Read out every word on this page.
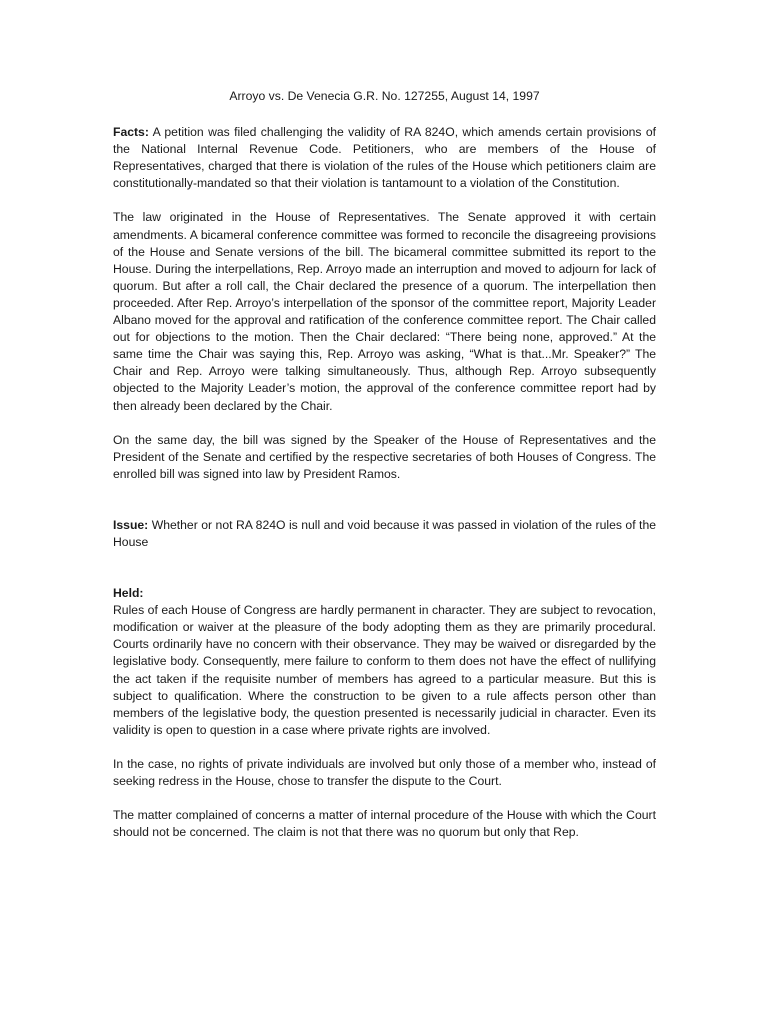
Arroyo vs. De Venecia G.R. No. 127255, August 14, 1997

Facts: A petition was filed challenging the validity of RA 824O, which amends certain provisions of the National Internal Revenue Code. Petitioners, who are members of the House of Representatives, charged that there is violation of the rules of the House which petitioners claim are constitutionally-mandated so that their violation is tantamount to a violation of the Constitution.

The law originated in the House of Representatives. The Senate approved it with certain amendments. A bicameral conference committee was formed to reconcile the disagreeing provisions of the House and Senate versions of the bill. The bicameral committee submitted its report to the House. During the interpellations, Rep. Arroyo made an interruption and moved to adjourn for lack of quorum. But after a roll call, the Chair declared the presence of a quorum. The interpellation then proceeded. After Rep. Arroyo’s interpellation of the sponsor of the committee report, Majority Leader Albano moved for the approval and ratification of the conference committee report. The Chair called out for objections to the motion. Then the Chair declared: “There being none, approved.” At the same time the Chair was saying this, Rep. Arroyo was asking, “What is that...Mr. Speaker?” The Chair and Rep. Arroyo were talking simultaneously. Thus, although Rep. Arroyo subsequently objected to the Majority Leader’s motion, the approval of the conference committee report had by then already been declared by the Chair.

On the same day, the bill was signed by the Speaker of the House of Representatives and the President of the Senate and certified by the respective secretaries of both Houses of Congress. The enrolled bill was signed into law by President Ramos.

Issue: Whether or not RA 824O is null and void because it was passed in violation of the rules of the House

Held:
Rules of each House of Congress are hardly permanent in character. They are subject to revocation, modification or waiver at the pleasure of the body adopting them as they are primarily procedural. Courts ordinarily have no concern with their observance. They may be waived or disregarded by the legislative body. Consequently, mere failure to conform to them does not have the effect of nullifying the act taken if the requisite number of members has agreed to a particular measure. But this is subject to qualification. Where the construction to be given to a rule affects person other than members of the legislative body, the question presented is necessarily judicial in character. Even its validity is open to question in a case where private rights are involved.

In the case, no rights of private individuals are involved but only those of a member who, instead of seeking redress in the House, chose to transfer the dispute to the Court.

The matter complained of concerns a matter of internal procedure of the House with which the Court should not be concerned. The claim is not that there was no quorum but only that Rep.
